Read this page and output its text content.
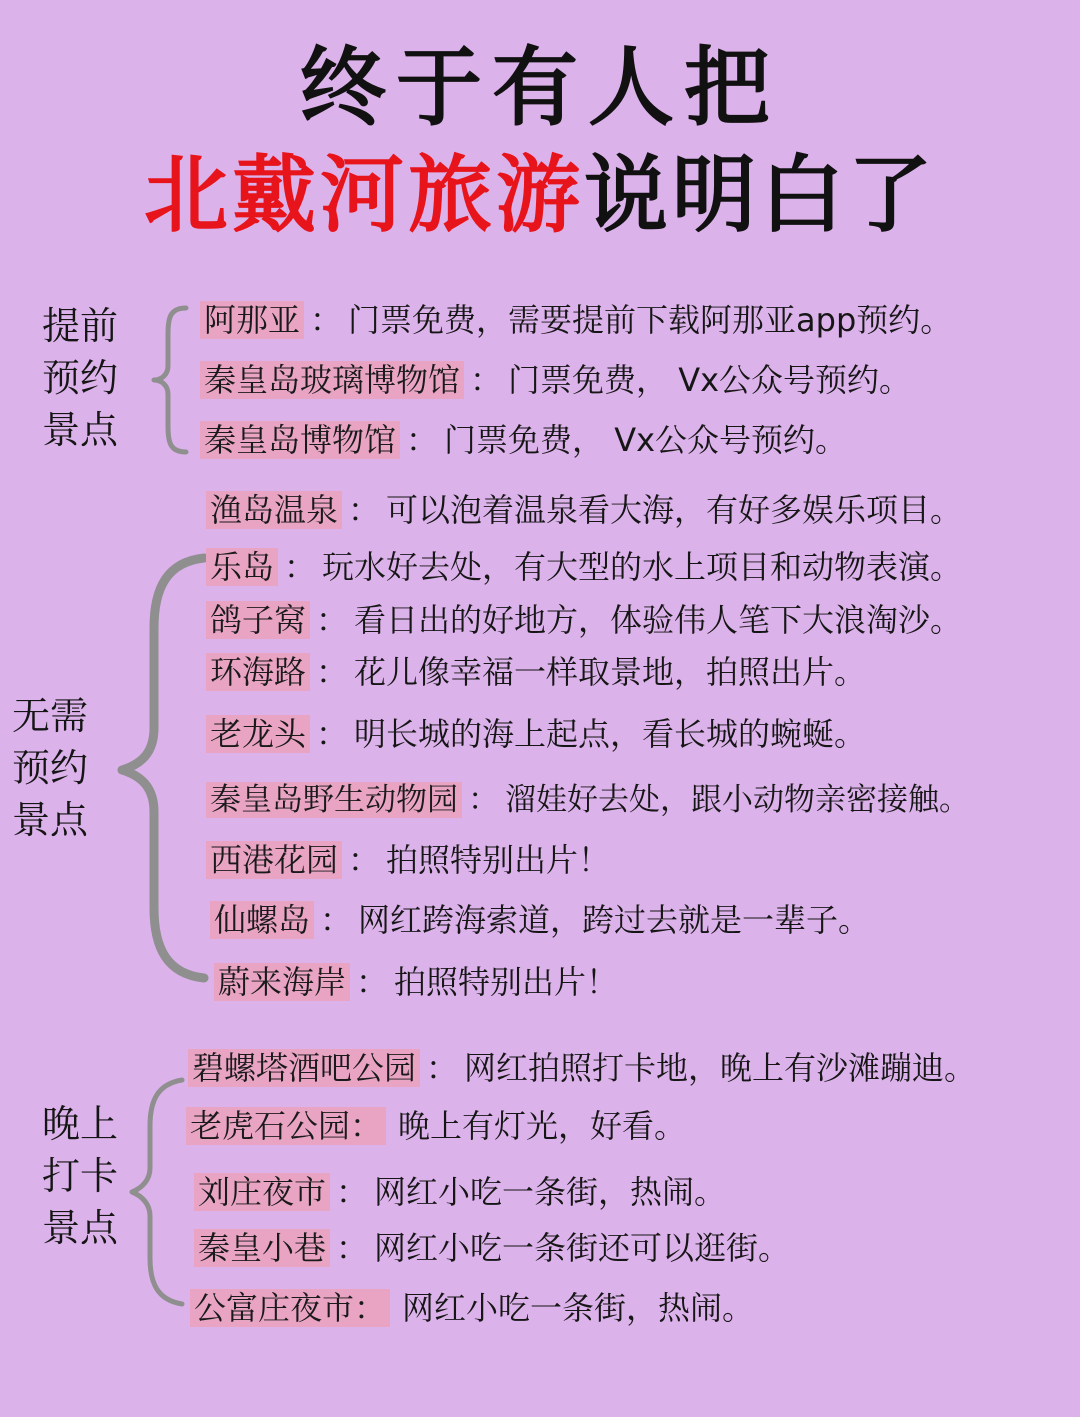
终于有人把
北戴河旅游说明白了
提前
预约
景点
阿那亚 ： 门票免费，需要提前下载阿那亚app预约。
秦皇岛玻璃博物馆 ： 门票免费， Vx公众号预约。
秦皇岛博物馆 ： 门票免费， Vx公众号预约。
无需
预约
景点
渔岛温泉 ： 可以泡着温泉看大海，有好多娱乐项目。
乐岛 ： 玩水好去处，有大型的水上项目和动物表演。
鸽子窝 ： 看日出的好地方，体验伟人笔下大浪淘沙。
环海路 ： 花儿像幸福一样取景地，拍照出片。
老龙头 ： 明长城的海上起点，看长城的蜿蜒。
秦皇岛野生动物园 ： 溜娃好去处，跟小动物亲密接触。
西港花园 ： 拍照特别出片！
仙螺岛 ： 网红跨海索道，跨过去就是一辈子。
蔚来海岸 ： 拍照特别出片！
晚上
打卡
景点
碧螺塔酒吧公园 ： 网红拍照打卡地，晚上有沙滩蹦迪。
老虎石公园： 晚上有灯光，好看。
刘庄夜市 ： 网红小吃一条街，热闹。
秦皇小巷 ： 网红小吃一条街还可以逛街。
公富庄夜市： 网红小吃一条街，热闹。
